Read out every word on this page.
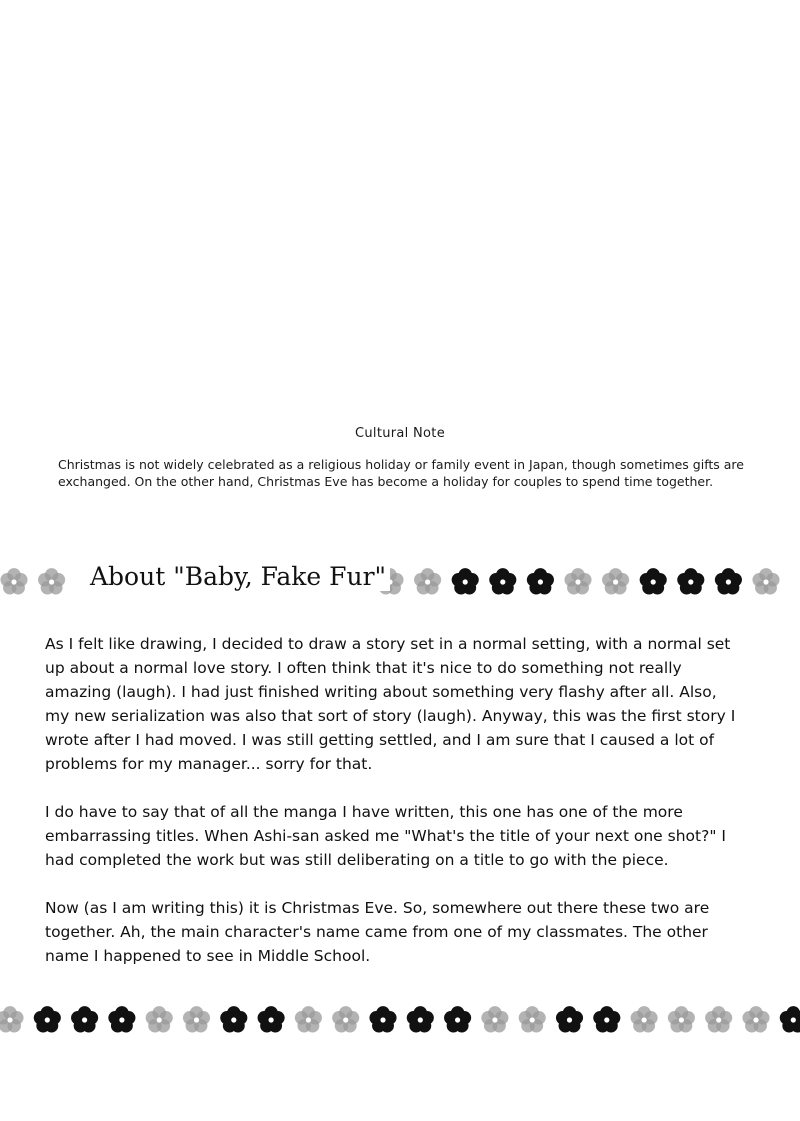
Cultural Note
Christmas is not widely celebrated as a religious holiday or family event in Japan, though sometimes gifts are exchanged. On the other hand, Christmas Eve has become a holiday for couples to spend time together.
About "Baby, Fake Fur"

As I felt like drawing, I decided to draw a story set in a normal setting, with a normal set up about a normal love story. I often think that it's nice to do something not really amazing (laugh). I had just finished writing about something very flashy after all. Also, my new serialization was also that sort of story (laugh). Anyway, this was the first story I wrote after I had moved. I was still getting settled, and I am sure that I caused a lot of problems for my manager... sorry for that.

I do have to say that of all the manga I have written, this one has one of the more embarrassing titles. When Ashi-san asked me "What's the title of your next one shot?" I had completed the work but was still deliberating on a title to go with the piece.

Now (as I am writing this) it is Christmas Eve. So, somewhere out there these two are together. Ah, the main character's name came from one of my classmates. The other name I happened to see in Middle School.
